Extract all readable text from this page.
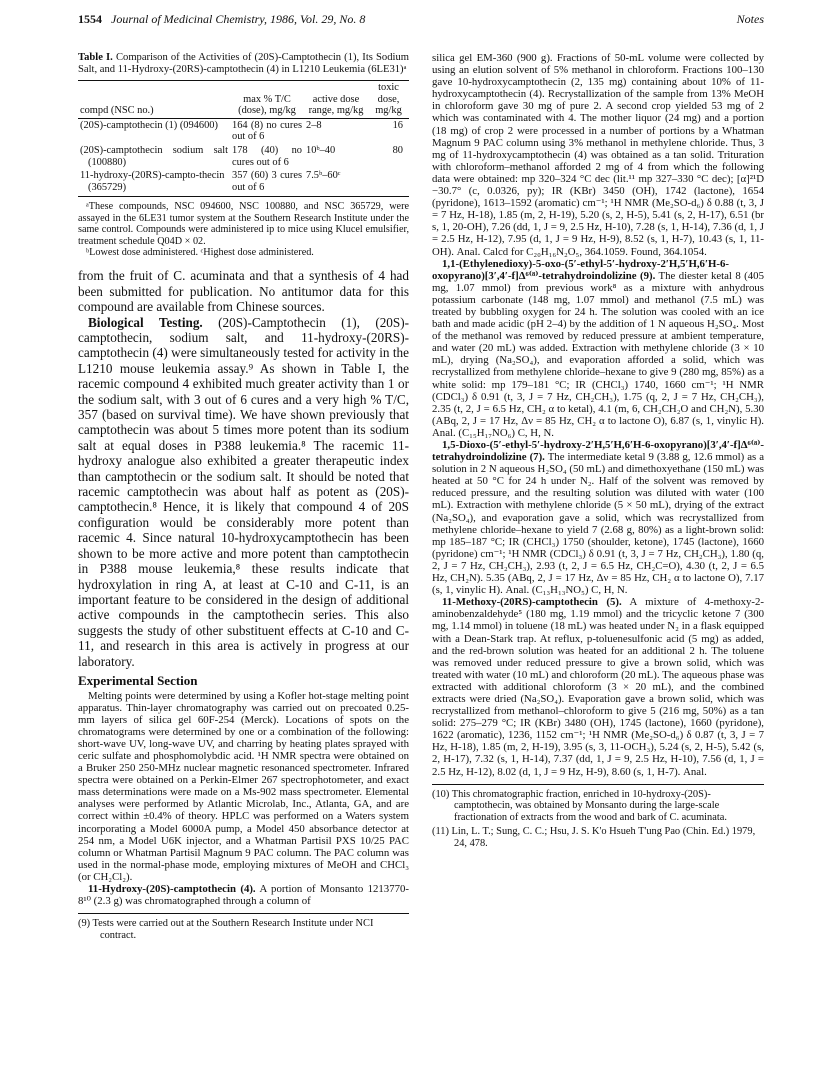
1554 Journal of Medicinal Chemistry, 1986, Vol. 29, No. 8	Notes
Table I. Comparison of the Activities of (20S)-Camptothecin (1), Its Sodium Salt, and 11-Hydroxy-(20RS)-camptothecin (4) in L1210 Leukemia (6LE31)ᵃ
compd (NSC no.)	max % T/C (dose), mg/kg	active dose range, mg/kg	toxic dose, mg/kg
(20S)-camptothecin (1) (094600)	164 (8) no cures out of 6	2–8	16
(20S)-camptothecin sodium salt (100880)	178 (40) no cures out of 6	10ᵇ–40	80
11-hydroxy-(20RS)-campto-thecin (365729)	357 (60) 3 cures out of 6	7.5ᵇ–60ᶜ	

ᵃThese compounds, NSC 094600, NSC 100880, and NSC 365729, were assayed in the 6LE31 tumor system at the Southern Research Institute under the same control. Compounds were administered ip to mice using Klucel emulsifier, treatment schedule Q04D × 02.

ᵇLowest dose administered. ᶜHighest dose administered.

from the fruit of C. acuminata and that a synthesis of 4 had been submitted for publication. No antitumor data for this compound are available from Chinese sources.

Biological Testing. (20S)-Camptothecin (1), (20S)-camptothecin, sodium salt, and 11-hydroxy-(20RS)-camptothecin (4) were simultaneously tested for activity in the L1210 mouse leukemia assay.⁹ As shown in Table I, the racemic compound 4 exhibited much greater activity than 1 or the sodium salt, with 3 out of 6 cures and a very high % T/C, 357 (based on survival time). We have shown previously that camptothecin was about 5 times more potent than its sodium salt at equal doses in P388 leukemia.⁸ The racemic 11-hydroxy analogue also exhibited a greater therapeutic index than camptothecin or the sodium salt. It should be noted that racemic camptothecin was about half as potent as (20S)-camptothecin.⁸ Hence, it is likely that compound 4 of 20S configuration would be considerably more potent than racemic 4. Since natural 10-hydroxycamptothecin has been shown to be more active and more potent than camptothecin in P388 mouse leukemia,⁸ these results indicate that hydroxylation in ring A, at least at C-10 and C-11, is an important feature to be considered in the design of additional active compounds in the camptothecin series. This also suggests the study of other substituent effects at C-10 and C-11, and research in this area is actively in progress at our laboratory.

Experimental Section

Melting points were determined by using a Kofler hot-stage melting point apparatus. Thin-layer chromatography was carried out on precoated 0.25-mm layers of silica gel 60F-254 (Merck). Locations of spots on the chromatograms were determined by one or a combination of the following: short-wave UV, long-wave UV, and charring by heating plates sprayed with ceric sulfate and phosphomolybdic acid. ¹H NMR spectra were obtained on a Bruker 250 250-MHz nuclear magnetic resonanced spectrometer. Infrared spectra were obtained on a Perkin-Elmer 267 spectrophotometer, and exact mass determinations were made on a Ms-902 mass spectrometer. Elemental analyses were performed by Atlantic Microlab, Inc., Atlanta, GA, and are correct within ±0.4% of theory. HPLC was performed on a Waters system incorporating a Model 6000A pump, a Model 450 absorbance detector at 254 nm, a Model U6K injector, and a Whatman Partisil PXS 10/25 PAC column or Whatman Partisil Magnum 9 PAC column. The PAC column was used in the normal-phase mode, employing mixtures of MeOH and CHCl₃ (or CH₂Cl₂).

11-Hydroxy-(20S)-camptothecin (4). A portion of Monsanto 1213770-8¹⁰ (2.3 g) was chromatographed through a column of

(9) Tests were carried out at the Southern Research Institute under NCI contract.

silica gel EM-360 (900 g). Fractions of 50-mL volume were collected by using an elution solvent of 5% methanol in chloroform. Fractions 100–130 gave 10-hydroxycamptothecin (2, 135 mg) containing about 10% of 11-hydroxycamptothecin (4). Recrystallization of the sample from 13% MeOH in chloroform gave 30 mg of pure 2. A second crop yielded 53 mg of 2 which was contaminated with 4. The mother liquor (24 mg) and a portion (18 mg) of crop 2 were processed in a number of portions by a Whatman Magnum 9 PAC column using 3% methanol in methylene chloride. Thus, 3 mg of 11-hydroxycamptothecin (4) was obtained as a tan solid. Trituration with chloroform–methanol afforded 2 mg of 4 from which the following data were obtained: mp 320–324 °C dec (lit.¹¹ mp 327–330 °C dec); [α]²¹D −30.7° (c, 0.0326, py); IR (KBr) 3450 (OH), 1742 (lactone), 1654 (pyridone), 1613–1592 (aromatic) cm⁻¹; ¹H NMR (Me₂SO-d₆) δ 0.88 (t, 3, J = 7 Hz, H-18), 1.85 (m, 2, H-19), 5.20 (s, 2, H-5), 5.41 (s, 2, H-17), 6.51 (br s, 1, 20-OH), 7.26 (dd, 1, J = 9, 2.5 Hz, H-10), 7.28 (s, 1, H-14), 7.36 (d, 1, J = 2.5 Hz, H-12), 7.95 (d, 1, J = 9 Hz, H-9), 8.52 (s, 1, H-7), 10.43 (s, 1, 11-OH). Anal. Calcd for C₂₀H₁₆N₂O₅, 364.1059. Found, 364.1054.

1,1-(Ethylenedioxy)-5-oxo-(5′-ethyl-5′-hydroxy-2′H,5′H,6′H-6-oxopyrano)[3′,4′-f]Δ⁶⁽⁸⁾-tetrahydroindolizine (9). The diester ketal 8 (405 mg, 1.07 mmol) from previous work⁸ as a mixture with anhydrous potassium carbonate (148 mg, 1.07 mmol) and methanol (7.5 mL) was treated by bubbling oxygen for 24 h. The solution was cooled with an ice bath and made acidic (pH 2–4) by the addition of 1 N aqueous H₂SO₄. Most of the methanol was removed by reduced pressure at ambient temperature, and water (20 mL) was added. Extraction with methylene chloride (3 × 10 mL), drying (Na₂SO₄), and evaporation afforded a solid, which was recrystallized from methylene chloride–hexane to give 9 (280 mg, 85%) as a white solid: mp 179–181 °C; IR (CHCl₃) 1740, 1660 cm⁻¹; ¹H NMR (CDCl₃) δ 0.91 (t, 3, J = 7 Hz, CH₂CH₃), 1.75 (q, 2, J = 7 Hz, CH₂CH₃), 2.35 (t, 2, J = 6.5 Hz, CH₂ α to ketal), 4.1 (m, 6, CH₂CH₂O and CH₂N), 5.30 (ABq, 2, J = 17 Hz, Δν = 85 Hz, CH₂ α to lactone O), 6.87 (s, 1, vinylic H). Anal. (C₁₅H₁₇NO₆) C, H, N.

1,5-Dioxo-(5′-ethyl-5′-hydroxy-2′H,5′H,6′H-6-oxopyrano)[3′,4′-f]Δ⁶⁽⁸⁾-tetrahydroindolizine (7). The intermediate ketal 9 (3.88 g, 12.6 mmol) as a solution in 2 N aqueous H₂SO₄ (50 mL) and dimethoxyethane (150 mL) was heated at 50 °C for 24 h under N₂. Half of the solvent was removed by reduced pressure, and the resulting solution was diluted with water (100 mL). Extraction with methylene chloride (5 × 50 mL), drying of the extract (Na₂SO₄), and evaporation gave a solid, which was recrystallized from methylene chloride–hexane to yield 7 (2.68 g, 80%) as a light-brown solid: mp 185–187 °C; IR (CHCl₃) 1750 (shoulder, ketone), 1745 (lactone), 1660 (pyridone) cm⁻¹; ¹H NMR (CDCl₃) δ 0.91 (t, 3, J = 7 Hz, CH₂CH₃), 1.80 (q, 2, J = 7 Hz, CH₂CH₃), 2.93 (t, 2, J = 6.5 Hz, CH₂C=O), 4.30 (t, 2, J = 6.5 Hz, CH₂N). 5.35 (ABq, 2, J = 17 Hz, Δν = 85 Hz, CH₂ α to lactone O), 7.17 (s, 1, vinylic H). Anal. (C₁₃H₁₃NO₅) C, H, N.

11-Methoxy-(20RS)-camptothecin (5). A mixture of 4-methoxy-2-aminobenzaldehyde⁵ (180 mg, 1.19 mmol) and the tricyclic ketone 7 (300 mg, 1.14 mmol) in toluene (18 mL) was heated under N₂ in a flask equipped with a Dean-Stark trap. At reflux, p-toluenesulfonic acid (5 mg) as added, and the red-brown solution was heated for an additional 2 h. The toluene was removed under reduced pressure to give a brown solid, which was treated with water (10 mL) and chloroform (20 mL). The aqueous phase was extracted with additional chloroform (3 × 20 mL), and the combined extracts were dried (Na₂SO₄). Evaporation gave a brown solid, which was recrystallized from methanol–chloroform to give 5 (216 mg, 50%) as a tan solid: 275–279 °C; IR (KBr) 3480 (OH), 1745 (lactone), 1660 (pyridone), 1622 (aromatic), 1236, 1152 cm⁻¹; ¹H NMR (Me₂SO-d₆) δ 0.87 (t, 3, J = 7 Hz, H-18), 1.85 (m, 2, H-19), 3.95 (s, 3, 11-OCH₃), 5.24 (s, 2, H-5), 5.42 (s, 2, H-17), 7.32 (s, 1, H-14), 7.37 (dd, 1, J = 9, 2.5 Hz, H-10), 7.56 (d, 1, J = 2.5 Hz, H-12), 8.02 (d, 1, J = 9 Hz, H-9), 8.60 (s, 1, H-7). Anal.

(10) This chromatographic fraction, enriched in 10-hydroxy-(20S)-camptothecin, was obtained by Monsanto during the large-scale fractionation of extracts from the wood and bark of C. acuminata.

(11) Lin, L. T.; Sung, C. C.; Hsu, J. S. K'o Hsueh T'ung Pao (Chin. Ed.) 1979, 24, 478.
